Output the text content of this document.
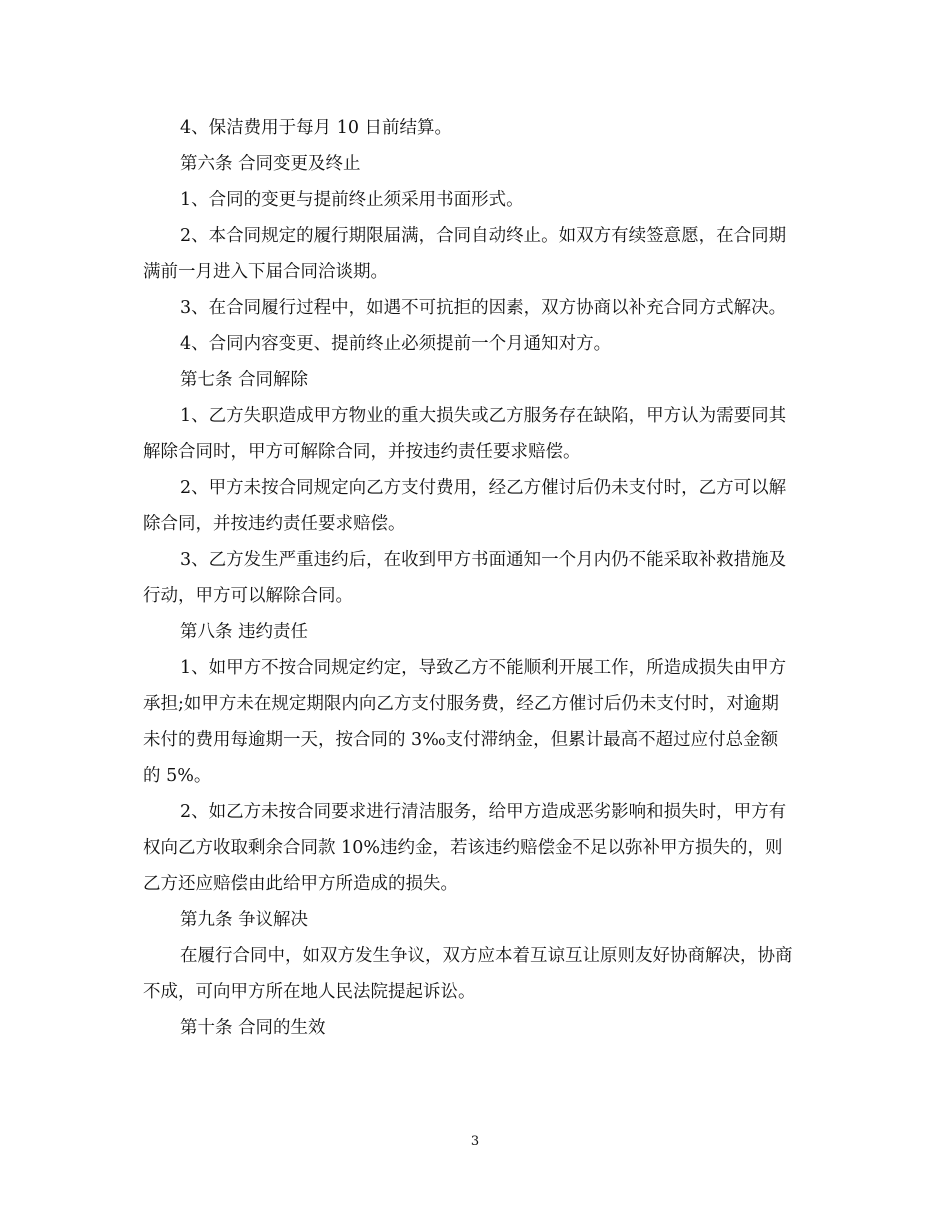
4、保洁费用于每月 10 日前结算。

第六条 合同变更及终止

1、合同的变更与提前终止须采用书面形式。

2、本合同规定的履行期限届满，合同自动终止。如双方有续签意愿，在合同期满前一月进入下届合同洽谈期。

3、在合同履行过程中，如遇不可抗拒的因素，双方协商以补充合同方式解决。

4、合同内容变更、提前终止必须提前一个月通知对方。

第七条 合同解除

1、乙方失职造成甲方物业的重大损失或乙方服务存在缺陷，甲方认为需要同其解除合同时，甲方可解除合同，并按违约责任要求赔偿。

2、甲方未按合同规定向乙方支付费用，经乙方催讨后仍未支付时，乙方可以解除合同，并按违约责任要求赔偿。

3、乙方发生严重违约后，在收到甲方书面通知一个月内仍不能采取补救措施及行动，甲方可以解除合同。

第八条 违约责任

1、如甲方不按合同规定约定，导致乙方不能顺利开展工作，所造成损失由甲方承担;如甲方未在规定期限内向乙方支付服务费，经乙方催讨后仍未支付时，对逾期未付的费用每逾期一天，按合同的 3‰支付滞纳金，但累计最高不超过应付总金额的 5%。

2、如乙方未按合同要求进行清洁服务，给甲方造成恶劣影响和损失时，甲方有权向乙方收取剩余合同款 10%违约金，若该违约赔偿金不足以弥补甲方损失的，则乙方还应赔偿由此给甲方所造成的损失。

第九条 争议解决

在履行合同中，如双方发生争议，双方应本着互谅互让原则友好协商解决，协商不成，可向甲方所在地人民法院提起诉讼。

第十条 合同的生效

3
